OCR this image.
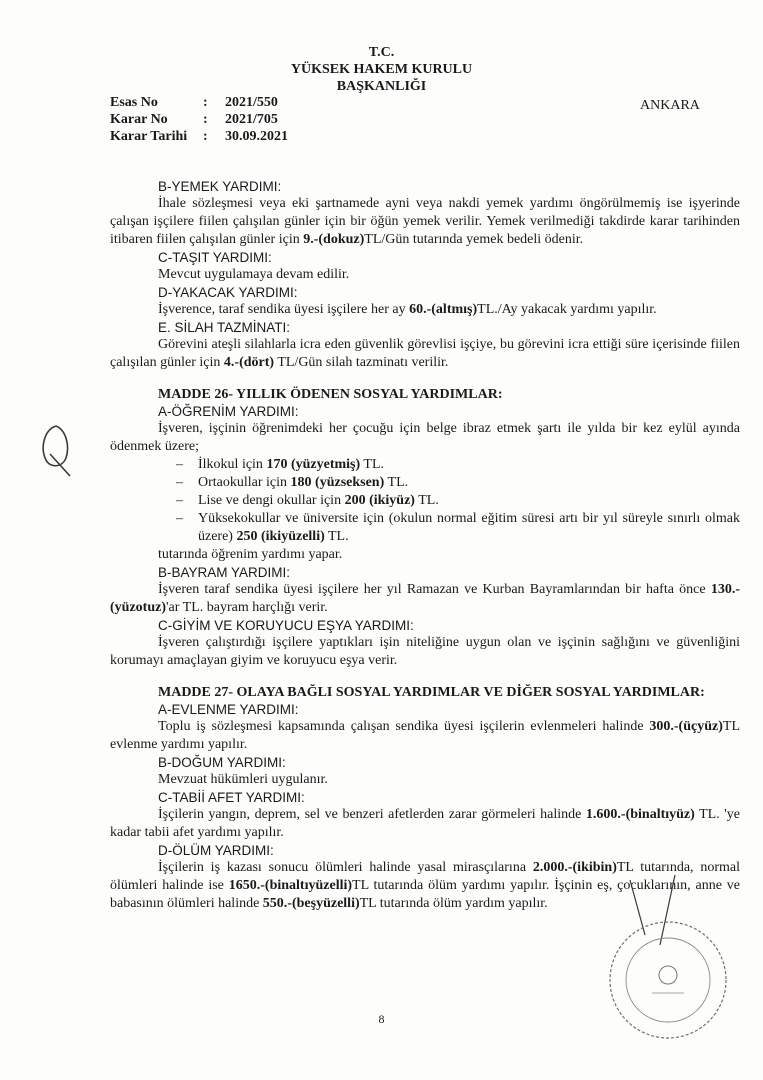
T.C.
YÜKSEK HAKEM KURULU
BAŞKANLIĞI
Esas No	:	2021/550
Karar No	:	2021/705
Karar Tarihi	:	30.09.2021
ANKARA
B-YEMEK YARDIMI:
İhale sözleşmesi veya eki şartnamede ayni veya nakdi yemek yardımı öngörülmemiş ise işyerinde çalışan işçilere fiilen çalışılan günler için bir öğün yemek verilir. Yemek verilmediği takdirde karar tarihinden itibaren fiilen çalışılan günler için 9.-(dokuz)TL/Gün tutarında yemek bedeli ödenir.
C-TAŞIT YARDIMI:
Mevcut uygulamaya devam edilir.
D-YAKACAK YARDIMI:
İşverence, taraf sendika üyesi işçilere her ay 60.-(altmış)TL./Ay yakacak yardımı yapılır.
E. SİLAH TAZMİNATI:
Görevini ateşli silahlarla icra eden güvenlik görevlisi işçiye, bu görevini icra ettiği süre içerisinde fiilen çalışılan günler için 4.-(dört) TL/Gün silah tazminatı verilir.
MADDE 26- YILLIK ÖDENEN SOSYAL YARDIMLAR:
A-ÖĞRENİM YARDIMI:
İşveren, işçinin öğrenimdeki her çocuğu için belge ibraz etmek şartı ile yılda bir kez eylül ayında ödenmek üzere;
–	İlkokul için 170 (yüzyetmiş) TL.
–	Ortaokullar için 180 (yüzseksen) TL.
–	Lise ve dengi okullar için 200 (ikiyüz) TL.
–	Yüksekokullar ve üniversite için (okulun normal eğitim süresi artı bir yıl süreyle sınırlı olmak üzere) 250 (ikiyüzelli) TL.
tutarında öğrenim yardımı yapar.
B-BAYRAM YARDIMI:
İşveren taraf sendika üyesi işçilere her yıl Ramazan ve Kurban Bayramlarından bir hafta önce 130.-(yüzotuz)'ar TL. bayram harçlığı verir.
C-GİYİM VE KORUYUCU EŞYA YARDIMI:
İşveren çalıştırdığı işçilere yaptıkları işin niteliğine uygun olan ve işçinin sağlığını ve güvenliğini korumayı amaçlayan giyim ve koruyucu eşya verir.
MADDE 27- OLAYA BAĞLI SOSYAL YARDIMLAR VE DİĞER SOSYAL YARDIMLAR:
A-EVLENME YARDIMI:
Toplu iş sözleşmesi kapsamında çalışan sendika üyesi işçilerin evlenmeleri halinde 300.-(üçyüz)TL evlenme yardımı yapılır.
B-DOĞUM YARDIMI:
Mevzuat hükümleri uygulanır.
C-TABİİ AFET YARDIMI:
İşçilerin yangın, deprem, sel ve benzeri afetlerden zarar görmeleri halinde 1.600.-(binaltıyüz) TL. 'ye kadar tabii afet yardımı yapılır.
D-ÖLÜM YARDIMI:
İşçilerin iş kazası sonucu ölümleri halinde yasal mirasçılarına 2.000.-(ikibin)TL tutarında, normal ölümleri halinde ise 1650.-(binaltıyüzelli)TL tutarında ölüm yardımı yapılır. İşçinin eş, çocuklarının, anne ve babasının ölümleri halinde 550.-(beşyüzelli)TL tutarında ölüm yardım yapılır.
8
